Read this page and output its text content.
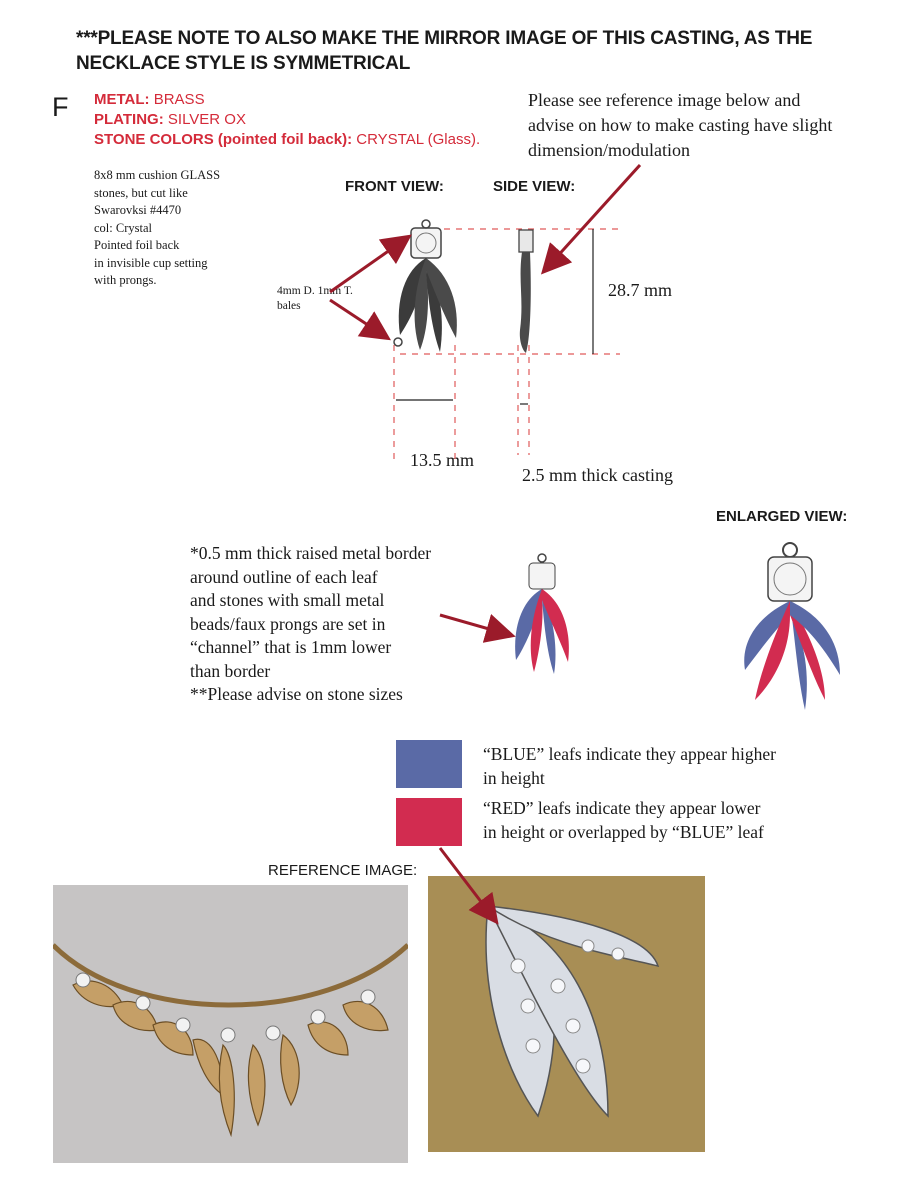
***PLEASE NOTE TO ALSO MAKE THE MIRROR IMAGE OF THIS CASTING, AS THE NECKLACE STYLE IS SYMMETRICAL
F METAL: BRASS
PLATING: SILVER OX
STONE COLORS (pointed foil back): CRYSTAL (Glass).
8x8 mm cushion GLASS
stones, but cut like
Swarovksi #4470
col: Crystal
Pointed foil back
in invisible cup setting
with prongs.
Please see reference image below and advise on how to make casting have slight dimension/modulation
FRONT VIEW:	SIDE VIEW:
4mm D. 1mm T.
bales
28.7 mm
13.5 mm
2.5 mm thick casting
ENLARGED VIEW:
*0.5 mm thick raised metal border
around outline of each leaf
and stones with small metal
beads/faux prongs are set in
“channel” that is 1mm lower
than border
**Please advise on stone sizes
“BLUE” leafs indicate they appear higher
in height
“RED” leafs indicate they appear lower
in height or overlapped by “BLUE” leaf
REFERENCE IMAGE:
